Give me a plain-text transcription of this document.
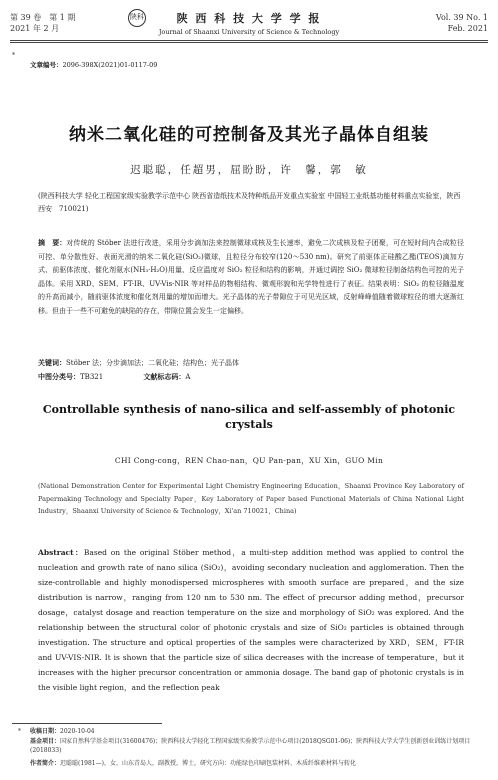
第 39 卷　第 1 期
2021 年 2 月
陕科	陕 西 科 技 大 学 学 报
Journal of Shaanxi University of Science & Technology
Vol. 39 No. 1
Feb. 2021
*
文章编号：2096-398X(2021)01-0117-09
纳米二氧化硅的可控制备及其光子晶体自组装
迟聪聪，任超男，屈盼盼，许　馨，郭　敏
(陕西科技大学 轻化工程国家级实验教学示范中心 陕西省造纸技术及特种纸品开发重点实验室 中国轻工业纸基功能材料重点实验室，陕西 西安　710021)
摘　要：对传统的 Stöber 法进行改进，采用分步滴加法来控制微球成核及生长速率，避免二次成核及粒子团聚，可在短时间内合成粒径可控、单分散性好、表面光滑的纳米二氧化硅(SiO₂)微球，且粒径分布较窄(120～530 nm)。研究了前驱体正硅酸乙酯(TEOS)滴加方式、前驱体浓度、催化剂氨水(NH₃·H₂O)用量、反应温度对 SiO₂ 粒径和结构的影响，并通过调控 SiO₂ 微球粒径制备结构色可控的光子晶体。采用 XRD、SEM、FT-IR、UV-Vis-NIR 等对样品的物相结构、微观形貌和光学特性进行了表征。结果表明：SiO₂ 的粒径随温度的升高而减小，随前驱体浓度和催化剂用量的增加而增大。光子晶体的光子带隙位于可见光区域，反射峰峰值随着微球粒径的增大逐渐红移。但由于一些不可避免的缺陷的存在，带隙位置会发生一定偏移。
关键词：Stöber 法；分步滴加法；二氧化硅；结构色；光子晶体
中图分类号：TB321	文献标志码：A
Controllable synthesis of nano-silica and self-assembly of photonic crystals
CHI Cong-cong，REN Chao-nan，QU Pan-pan，XU Xin，GUO Min
(National Demonstration Center for Experimental Light Chemistry Engineering Education，Shaanxi Province Key Laboratory of Papermaking Technology and Specialty Paper，Key Laboratory of Paper based Functional Materials of China National Light Industry，Shaanxi University of Science & Technology，Xi'an 710021，China)
Abstract：Based on the original Stöber method，a multi-step addition method was applied to control the nucleation and growth rate of nano silica (SiO₂)，avoiding secondary nucleation and agglomeration. Then the size-controllable and highly monodispersed microspheres with smooth surface are prepared，and the size distribution is narrow，ranging from 120 nm to 530 nm. The effect of precursor adding method，precursor dosage，catalyst dosage and reaction temperature on the size and morphology of SiO₂ was explored. And the relationship between the structural color of photonic crystals and size of SiO₂ particles is obtained through investigation. The structure and optical properties of the samples were characterized by XRD，SEM，FT-IR and UV-VIS-NIR. It is shown that the particle size of silica decreases with the increase of temperature，but it increases with the higher precursor concentration or ammonia dosage. The band gap of photonic crystals is in the visible light region，and the reflection peak
* 收稿日期：2020-10-04
基金项目：国家自然科学基金项目(31600476)；陕西科技大学轻化工程国家级实验教学示范中心项目(2018QSG01-06)；陕西科技大学大学生创新创业训练计划项目(2018033)
作者简介：迟聪聪(1981—)，女，山东青岛人，副教授，博士，研究方向：功能绿色印刷包装材料、木质纤维素材料与转化
